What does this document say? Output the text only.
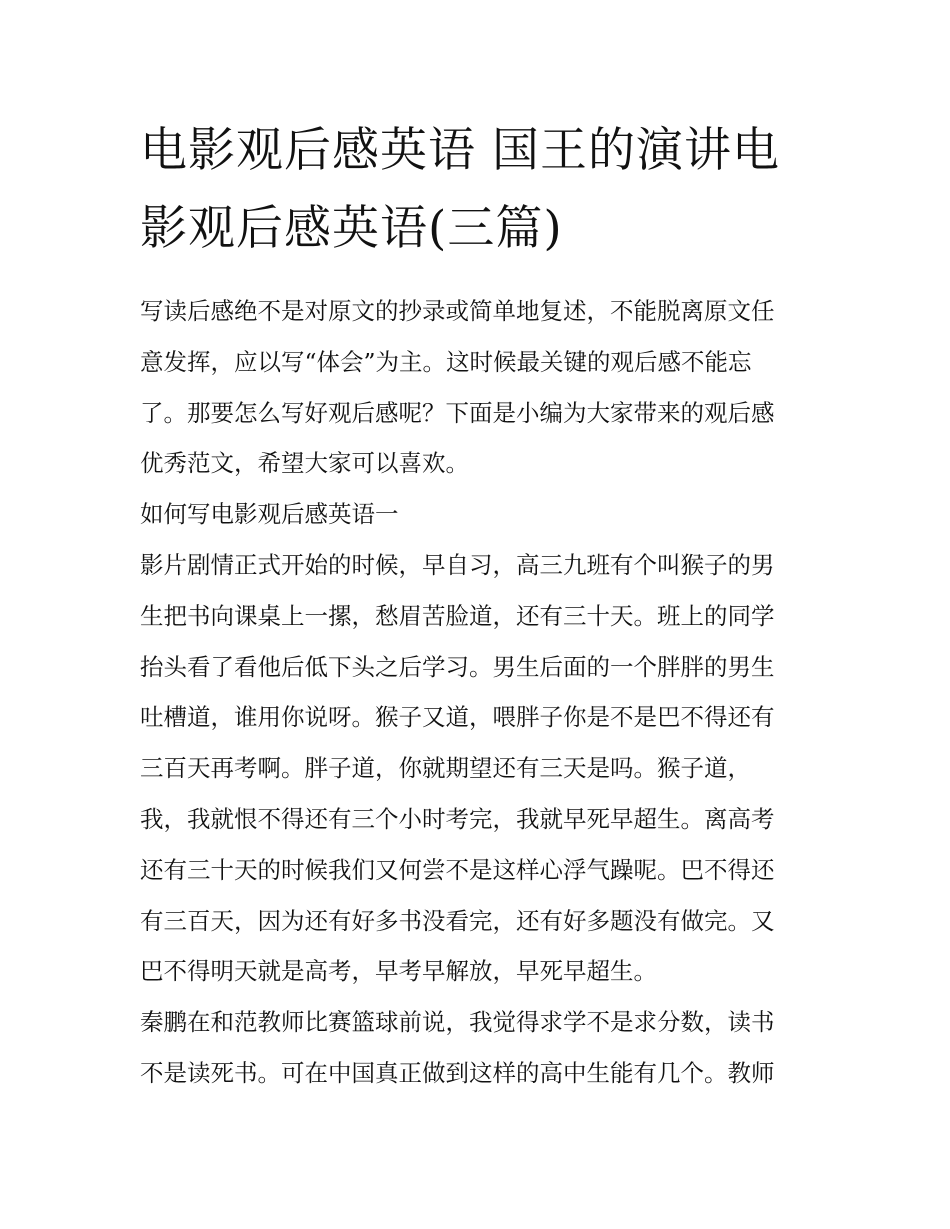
电影观后感英语 国王的演讲电
影观后感英语(三篇)

写读后感绝不是对原文的抄录或简单地复述，不能脱离原文任
意发挥，应以写“体会”为主。这时候最关键的观后感不能忘
了。那要怎么写好观后感呢？下面是小编为大家带来的观后感
优秀范文，希望大家可以喜欢。

如何写电影观后感英语一

影片剧情正式开始的时候，早自习，高三九班有个叫猴子的男
生把书向课桌上一摞，愁眉苦脸道，还有三十天。班上的同学
抬头看了看他后低下头之后学习。男生后面的一个胖胖的男生
吐槽道，谁用你说呀。猴子又道，喂胖子你是不是巴不得还有
三百天再考啊。胖子道，你就期望还有三天是吗。猴子道，
我，我就恨不得还有三个小时考完，我就早死早超生。离高考
还有三十天的时候我们又何尝不是这样心浮气躁呢。巴不得还
有三百天，因为还有好多书没看完，还有好多题没有做完。又
巴不得明天就是高考，早考早解放，早死早超生。

秦鹏在和范教师比赛篮球前说，我觉得求学不是求分数，读书
不是读死书。可在中国真正做到这样的高中生能有几个。教师
